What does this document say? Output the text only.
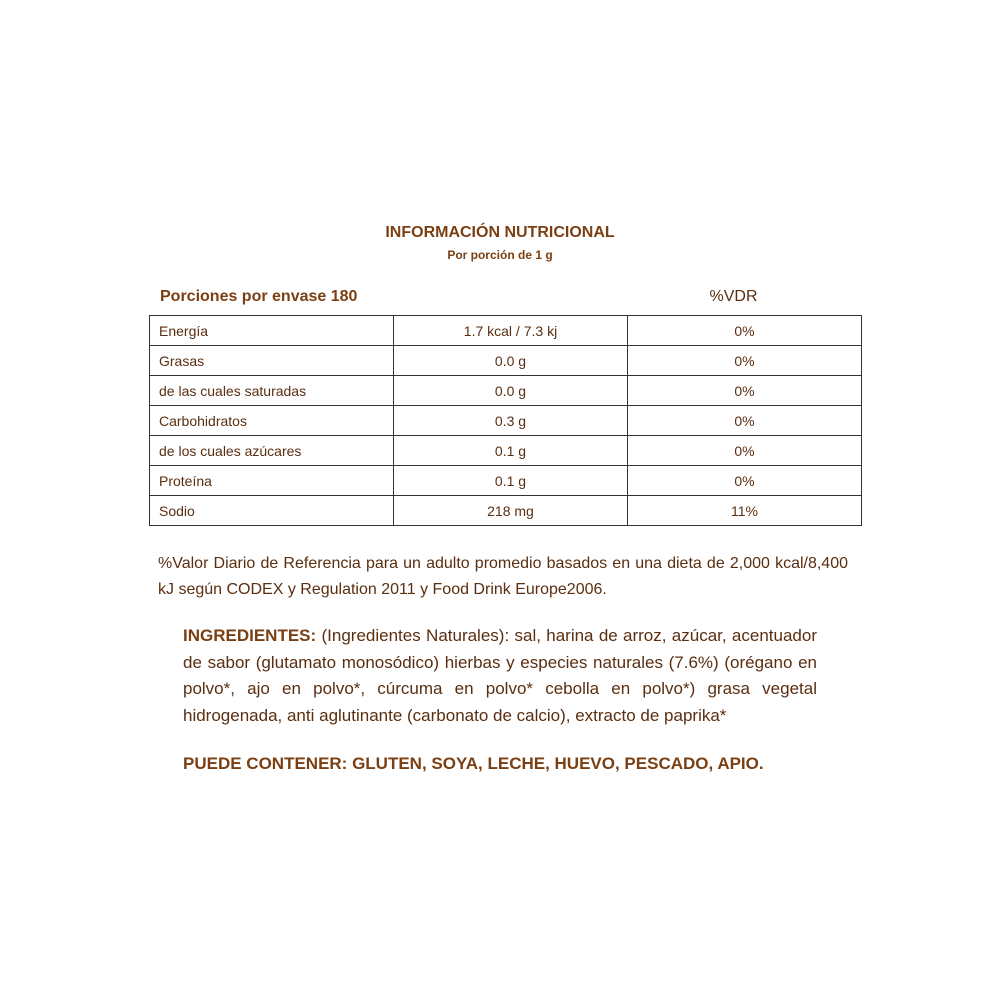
INFORMACIÓN NUTRICIONAL
Por porción de 1 g
Porciones por envase 180	%VDR
Energía	1.7 kcal / 7.3 kj	0%
Grasas	0.0 g	0%
de las cuales saturadas	0.0 g	0%
Carbohidratos	0.3 g	0%
de los cuales azúcares	0.1 g	0%
Proteína	0.1 g	0%
Sodio	218 mg	11%
%Valor Diario de Referencia para un adulto promedio basados en una dieta de 2,000 kcal/8,400 kJ según CODEX y Regulation 2011 y Food Drink Europe2006.
INGREDIENTES: (Ingredientes Naturales): sal, harina de arroz, azúcar, acentuador de sabor (glutamato monosódico) hierbas y especies naturales (7.6%) (orégano en polvo*, ajo en polvo*, cúrcuma en polvo* cebolla en polvo*) grasa vegetal hidrogenada, anti aglutinante (carbonato de calcio), extracto de paprika*
PUEDE CONTENER: GLUTEN, SOYA, LECHE, HUEVO, PESCADO, APIO.
